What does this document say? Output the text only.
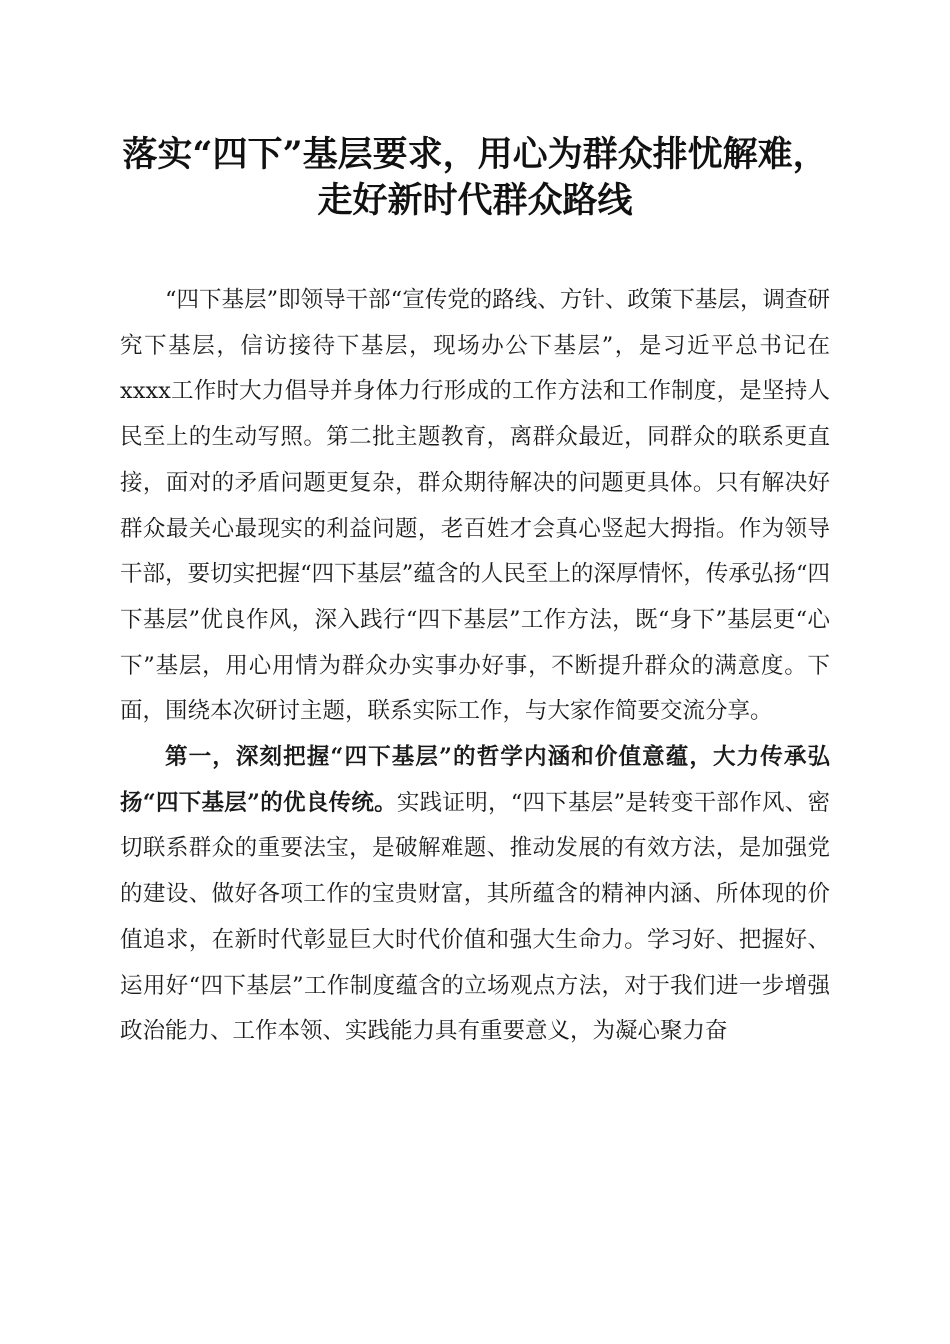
落实“四下”基层要求，用心为群众排忧解难，
走好新时代群众路线

“四下基层”即领导干部“宣传党的路线、方针、政策下基层，调查研究下基层，信访接待下基层，现场办公下基层”，是习近平总书记在xxxx工作时大力倡导并身体力行形成的工作方法和工作制度，是坚持人民至上的生动写照。第二批主题教育，离群众最近，同群众的联系更直接，面对的矛盾问题更复杂，群众期待解决的问题更具体。只有解决好群众最关心最现实的利益问题，老百姓才会真心竖起大拇指。作为领导干部，要切实把握“四下基层”蕴含的人民至上的深厚情怀，传承弘扬“四下基层”优良作风，深入践行“四下基层”工作方法，既“身下”基层更“心下”基层，用心用情为群众办实事办好事，不断提升群众的满意度。下面，围绕本次研讨主题，联系实际工作，与大家作简要交流分享。

第一，深刻把握“四下基层”的哲学内涵和价值意蕴，大力传承弘扬“四下基层”的优良传统。实践证明，“四下基层”是转变干部作风、密切联系群众的重要法宝，是破解难题、推动发展的有效方法，是加强党的建设、做好各项工作的宝贵财富，其所蕴含的精神内涵、所体现的价值追求，在新时代彰显巨大时代价值和强大生命力。学习好、把握好、运用好“四下基层”工作制度蕴含的立场观点方法，对于我们进一步增强政治能力、工作本领、实践能力具有重要意义，为凝心聚力奋
